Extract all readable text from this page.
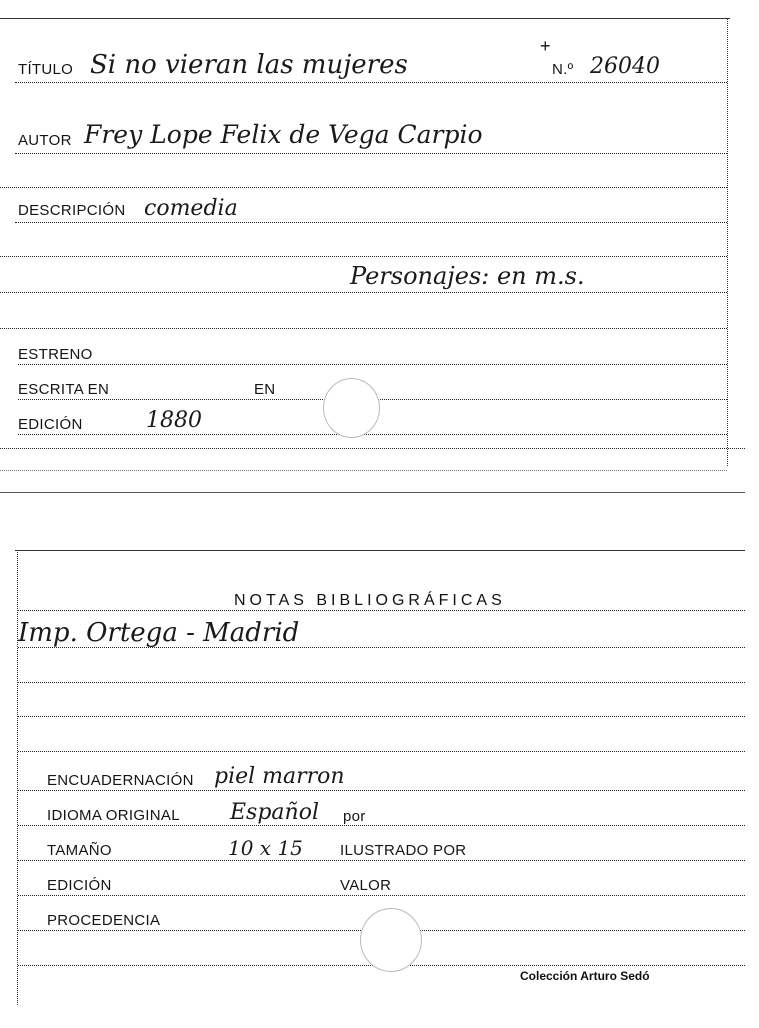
TÍTULO Si no vieran las mujeres
+
N.º 26040
AUTOR Frey Lope Felix de Vega Carpio
DESCRIPCIÓN comedia
Personajes: en m.s.
ESTRENO
ESCRITA EN	EN
EDICIÓN	1880
NOTAS BIBLIOGRÁFICAS
Imp. Ortega - Madrid
ENCUADERNACIÓN piel marron
IDIOMA ORIGINAL Español por
TAMAÑO	10 x 15 ILUSTRADO POR
EDICIÓN	VALOR
PROCEDENCIA
Colección Arturo Sedó
